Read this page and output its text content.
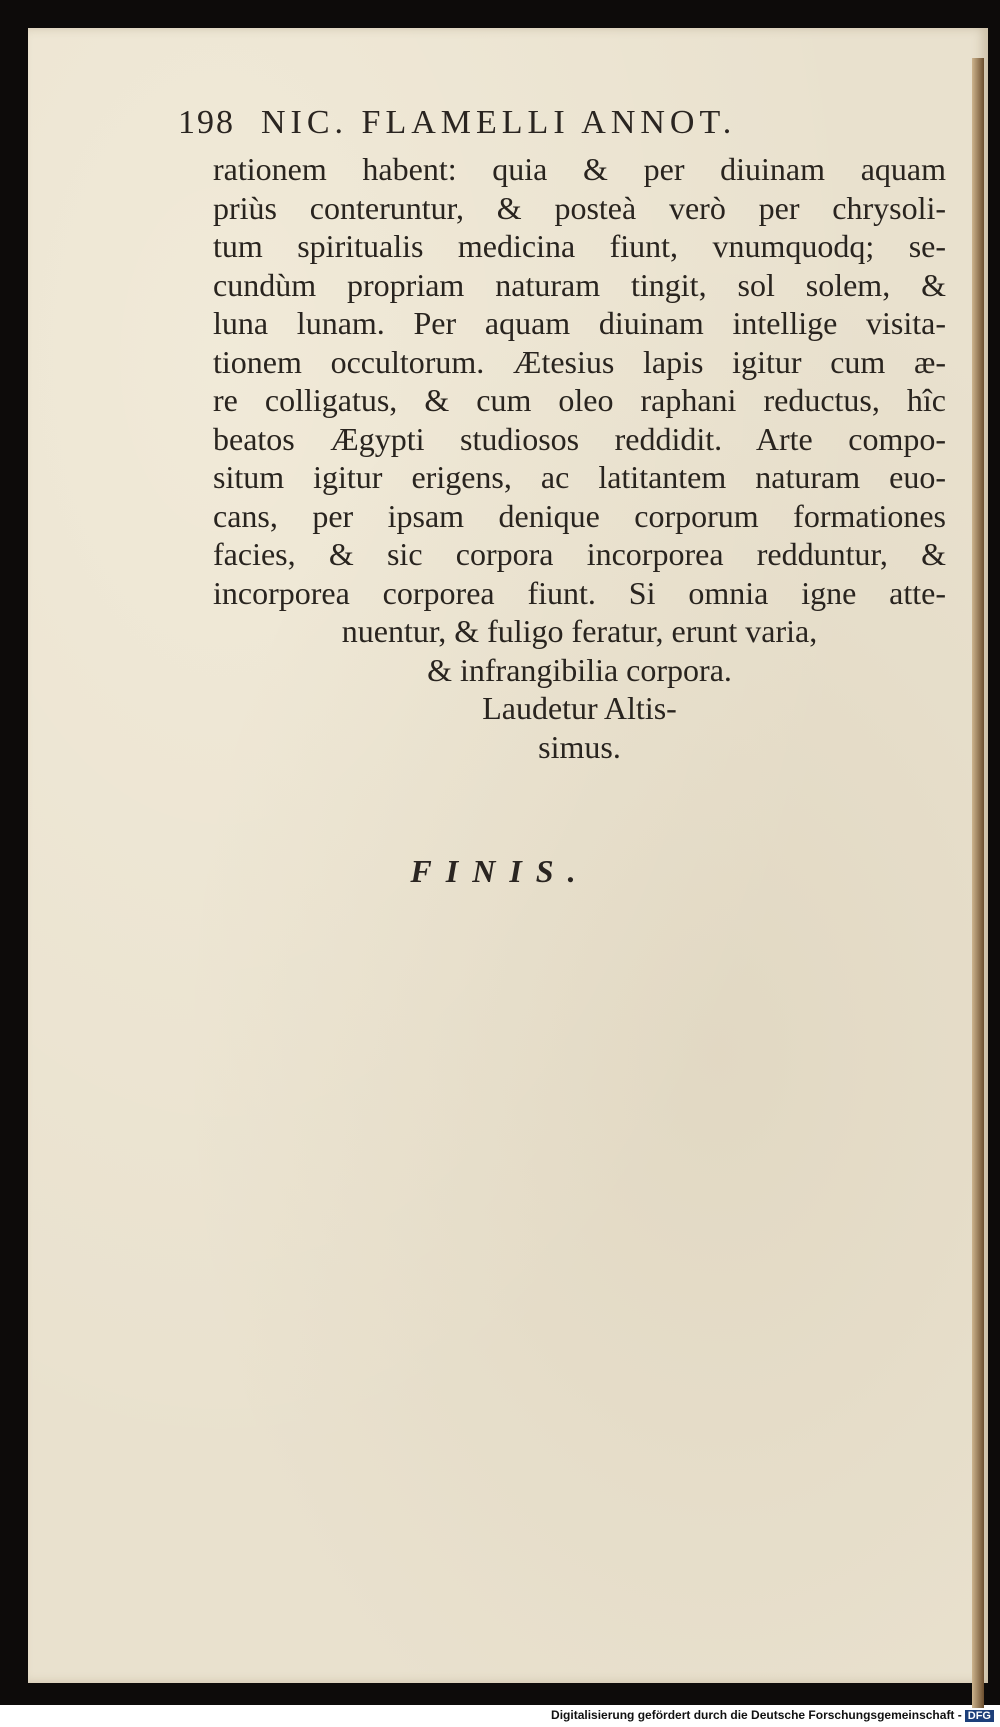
198 NIC. FLAMELLI ANNOT.
rationem habent: quia & per diuinam aquam
priùs conteruntur, & posteà verò per chrysoli-
tum spiritualis medicina fiunt, vnumquodq; se-
cundùm propriam naturam tingit, sol solem, &
luna lunam. Per aquam diuinam intellige visita-
tionem occultorum. Ætesius lapis igitur cum æ-
re colligatus, & cum oleo raphani reductus, hîc
beatos Ægypti studiosos reddidit. Arte compo-
situm igitur erigens, ac latitantem naturam euo-
cans, per ipsam denique corporum formationes
facies, & sic corpora incorporea redduntur, &
incorporea corporea fiunt. Si omnia igne atte-
nuentur, & fuligo feratur, erunt varia,
& infrangibilia corpora.
Laudetur Altis-
simus.
FINIS.
Digitalisierung gefördert durch die Deutsche Forschungsgemeinschaft - DFG
